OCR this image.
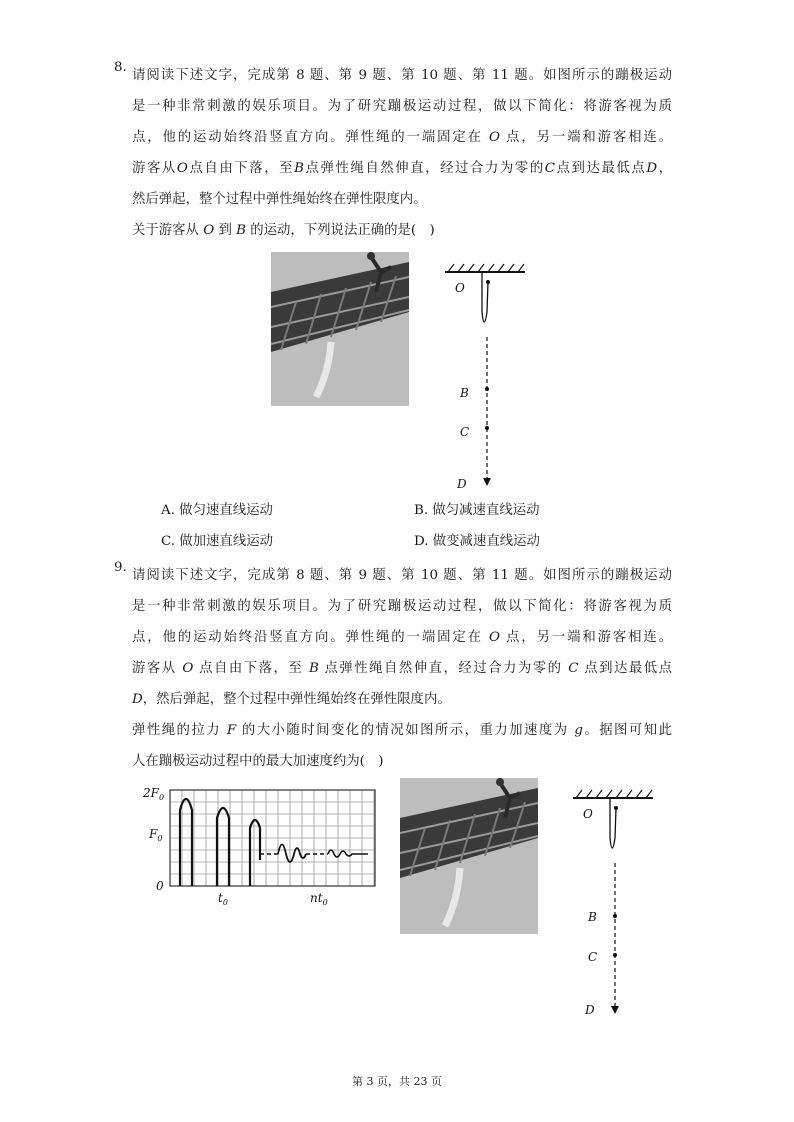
8.
请阅读下述文字，完成第 8 题、第 9 题、第 10 题、第 11 题。如图所示的蹦极运动
是一种非常刺激的娱乐项目。为了研究蹦极运动过程，做以下简化：将游客视为质
点，他的运动始终沿竖直方向。弹性绳的一端固定在 O 点，另一端和游客相连。
游客从O点自由下落，至B点弹性绳自然伸直，经过合力为零的C点到达最低点D，
然后弹起，整个过程中弹性绳始终在弹性限度内。
关于游客从 O 到 B 的运动，下列说法正确的是(　)
O
B
C
D
A. 做匀速直线运动	B. 做匀减速直线运动
C. 做加速直线运动	D. 做变减速直线运动
9.
请阅读下述文字，完成第 8 题、第 9 题、第 10 题、第 11 题。如图所示的蹦极运动
是一种非常刺激的娱乐项目。为了研究蹦极运动过程，做以下简化：将游客视为质
点，他的运动始终沿竖直方向。弹性绳的一端固定在 O 点，另一端和游客相连。
游客从 O 点自由下落，至 B 点弹性绳自然伸直，经过合力为零的 C 点到达最低点
D，然后弹起，整个过程中弹性绳始终在弹性限度内。
弹性绳的拉力 F 的大小随时间变化的情况如图所示，重力加速度为 g。据图可知此
人在蹦极运动过程中的最大加速度约为(　)
$2F_0$
$F_0$
0
$t_0$	$nt_0$
O
B
C
D
第 3 页，共 23 页
